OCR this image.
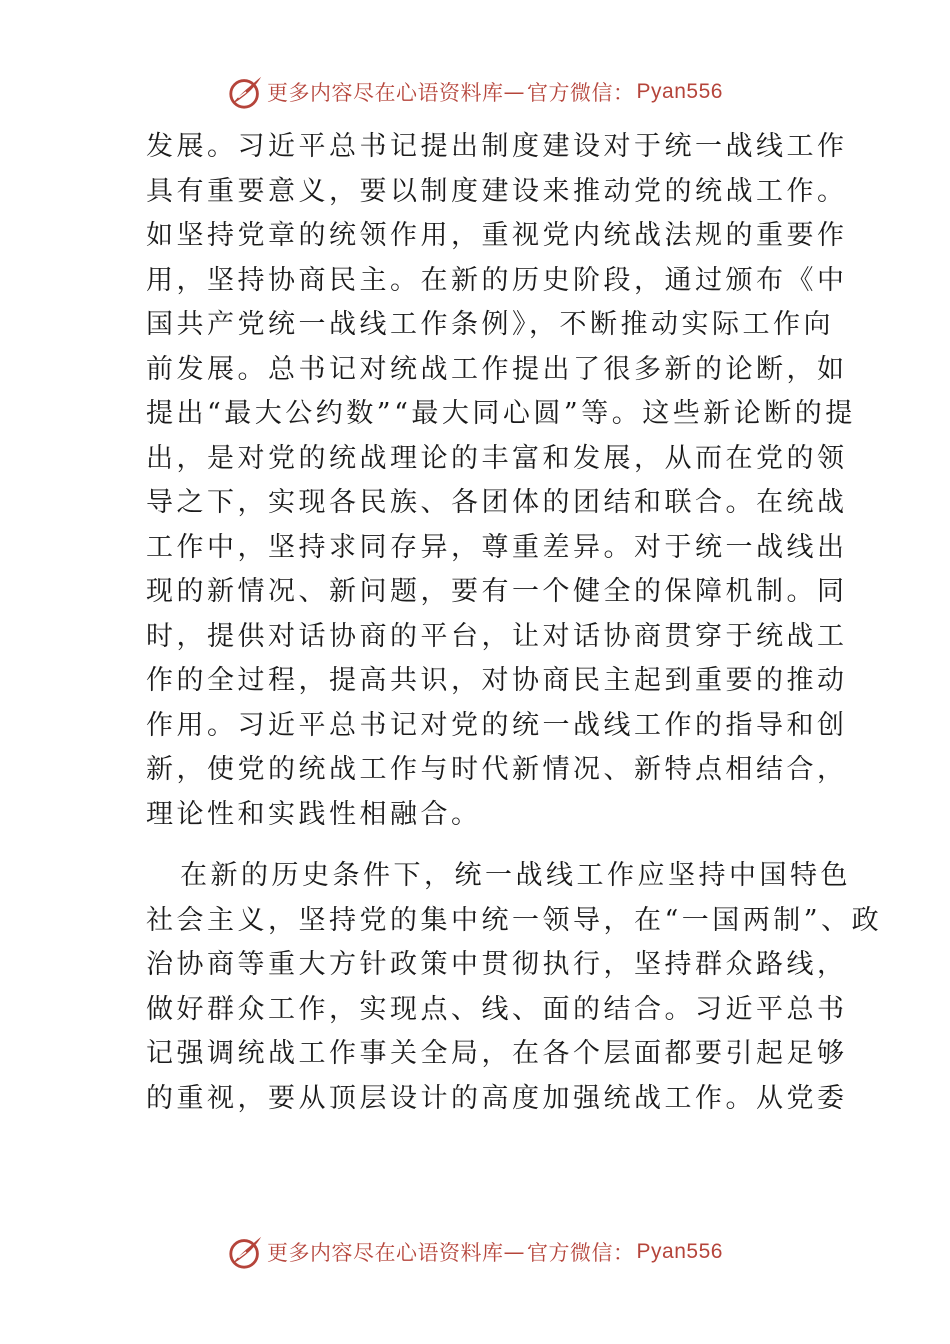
更多内容尽在心语资料库 — 官方微信： Pyan556
发展。习近平总书记提出制度建设对于统一战线工作
具有重要意义，要以制度建设来推动党的统战工作。
如坚持党章的统领作用，重视党内统战法规的重要作
用，坚持协商民主。在新的历史阶段，通过颁布《中
国共产党统一战线工作条例》，不断推动实际工作向
前发展。总书记对统战工作提出了很多新的论断，如
提出“最大公约数”“最大同心圆”等。这些新论断的提
出，是对党的统战理论的丰富和发展，从而在党的领
导之下，实现各民族、各团体的团结和联合。在统战
工作中，坚持求同存异，尊重差异。对于统一战线出
现的新情况、新问题，要有一个健全的保障机制。同
时，提供对话协商的平台，让对话协商贯穿于统战工
作的全过程，提高共识，对协商民主起到重要的推动
作用。习近平总书记对党的统一战线工作的指导和创
新，使党的统战工作与时代新情况、新特点相结合，
理论性和实践性相融合。
在新的历史条件下，统一战线工作应坚持中国特色
社会主义，坚持党的集中统一领导，在“一国两制”、政
治协商等重大方针政策中贯彻执行，坚持群众路线，
做好群众工作，实现点、线、面的结合。习近平总书
记强调统战工作事关全局，在各个层面都要引起足够
的重视，要从顶层设计的高度加强统战工作。从党委
更多内容尽在心语资料库 — 官方微信： Pyan556
